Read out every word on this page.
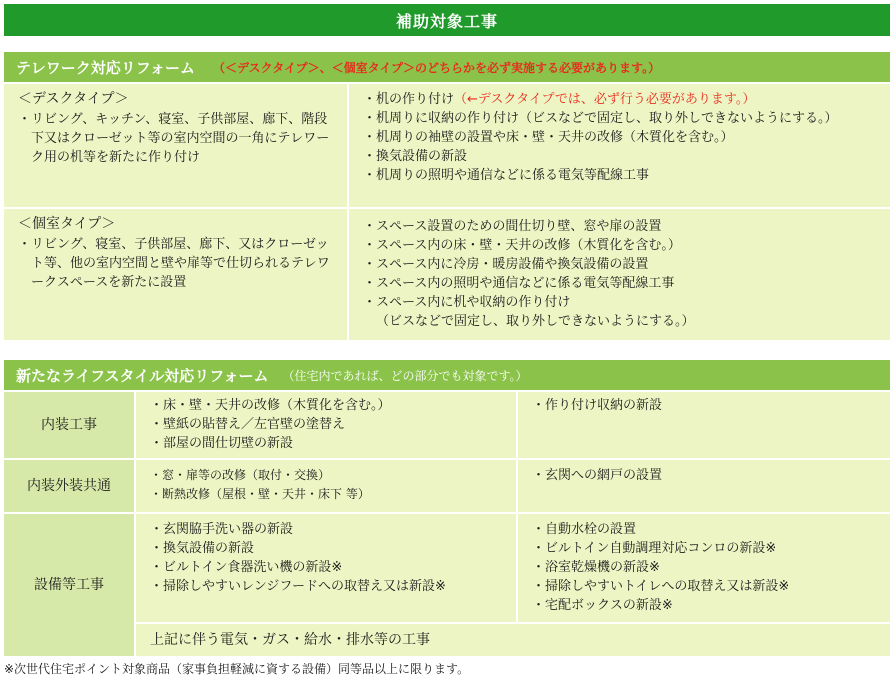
補助対象工事
テレワーク対応リフォーム （＜デスクタイプ＞、＜個室タイプ＞のどちらかを必ず実施する必要があります。）
＜デスクタイプ＞
・ リビング、キッチン、寝室、子供部屋、廊下、階段下又はクローゼット等の室内空間の一角にテレワーク用の机等を新たに作り付け
・ 机の作り付け（←デスクタイプでは、必ず行う必要があります。）
・ 机周りに収納の作り付け（ビスなどで固定し、取り外しできないようにする。）
・ 机周りの袖壁の設置や床・壁・天井の改修（木質化を含む。）
・ 換気設備の新設
・ 机周りの照明や通信などに係る電気等配線工事
＜個室タイプ＞
・ リビング、寝室、子供部屋、廊下、又はクローゼット等、他の室内空間と壁や扉等で仕切られるテレワークスペースを新たに設置
・ スペース設置のための間仕切り壁、窓や扉の設置
・ スペース内の床・壁・天井の改修（木質化を含む。）
・ スペース内に冷房・暖房設備や換気設備の設置
・ スペース内の照明や通信などに係る電気等配線工事
・ スペース内に机や収納の作り付け
（ビスなどで固定し、取り外しできないようにする。）
新たなライフスタイル対応リフォーム （住宅内であれば、どの部分でも対象です。）
内装工事
・ 床・壁・天井の改修（木質化を含む。）
・ 壁紙の貼替え／左官壁の塗替え
・ 部屋の間仕切壁の新設
・ 作り付け収納の新設
内装外装共通
・ 窓・扉等の改修（取付・交換）
・ 断熱改修（屋根・壁・天井・床下 等）
・ 玄関への網戸の設置
設備等工事
・ 玄関脇手洗い器の新設
・ 換気設備の新設
・ ビルトイン食器洗い機の新設※
・ 掃除しやすいレンジフードへの取替え又は新設※
・ 自動水栓の設置
・ ビルトイン自動調理対応コンロの新設※
・ 浴室乾燥機の新設※
・ 掃除しやすいトイレへの取替え又は新設※
・ 宅配ボックスの新設※
上記に伴う電気・ガス・給水・排水等の工事
※次世代住宅ポイント対象商品（家事負担軽減に資する設備）同等品以上に限ります。
